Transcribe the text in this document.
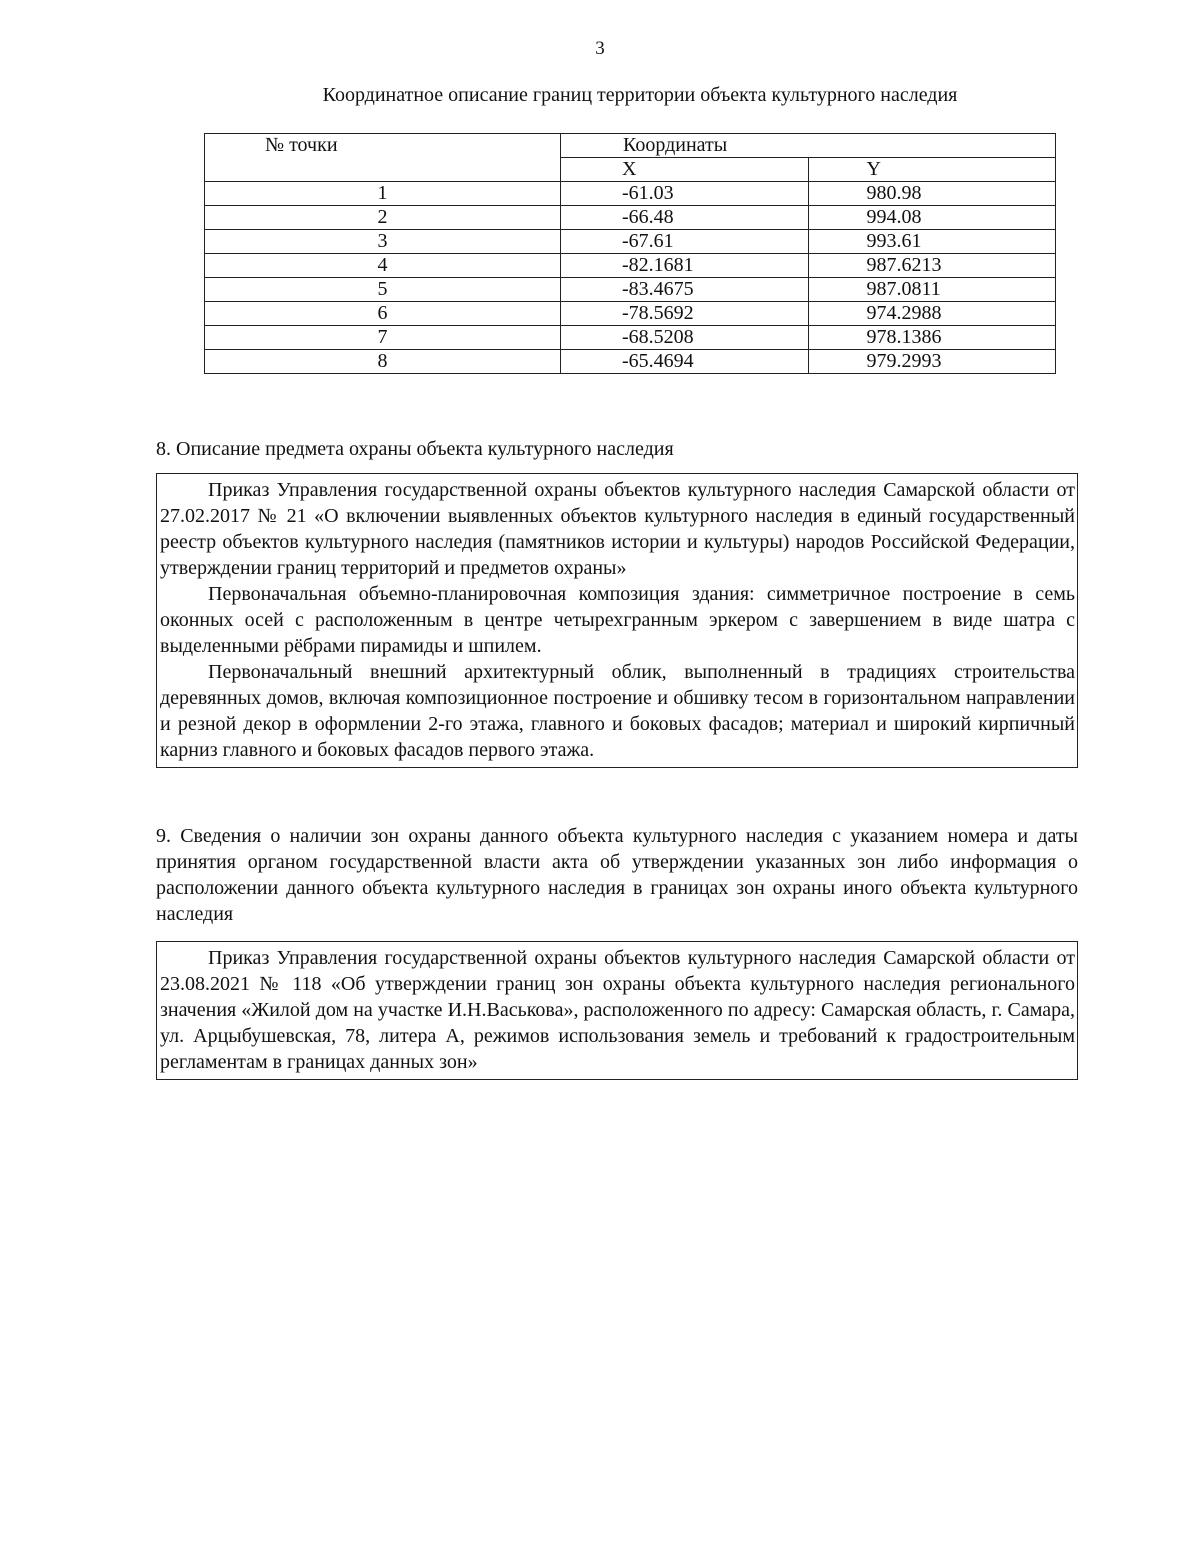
3
Координатное описание границ территории объекта культурного наследия
№ точки	Координаты	
	X	Y
1	-61.03	980.98
2	-66.48	994.08
3	-67.61	993.61
4	-82.1681	987.6213
5	-83.4675	987.0811
6	-78.5692	974.2988
7	-68.5208	978.1386
8	-65.4694	979.2993
8. Описание предмета охраны объекта культурного наследия

Приказ Управления государственной охраны объектов культурного наследия Самарской области от 27.02.2017 № 21 «О включении выявленных объектов культурного наследия в единый государственный реестр объектов культурного наследия (памятников истории и культуры) народов Российской Федерации, утверждении границ территорий и предметов охраны»

Первоначальная объемно-планировочная композиция здания: симметричное построение в семь оконных осей с расположенным в центре четырехгранным эркером с завершением в виде шатра с выделенными рёбрами пирамиды и шпилем.

Первоначальный внешний архитектурный облик, выполненный в традициях строительства деревянных домов, включая композиционное построение и обшивку тесом в горизонтальном направлении и резной декор в оформлении 2-го этажа, главного и боковых фасадов; материал и широкий кирпичный карниз главного и боковых фасадов первого этажа.

9. Сведения о наличии зон охраны данного объекта культурного наследия с указанием номера и даты принятия органом государственной власти акта об утверждении указанных зон либо информация о расположении данного объекта культурного наследия в границах зон охраны иного объекта культурного наследия

Приказ Управления государственной охраны объектов культурного наследия Самарской области от 23.08.2021 № 118 «Об утверждении границ зон охраны объекта культурного наследия регионального значения «Жилой дом на участке И.Н.Васькова», расположенного по адресу: Самарская область, г. Самара, ул. Арцыбушевская, 78, литера А, режимов использования земель и требований к градостроительным регламентам в границах данных зон»
